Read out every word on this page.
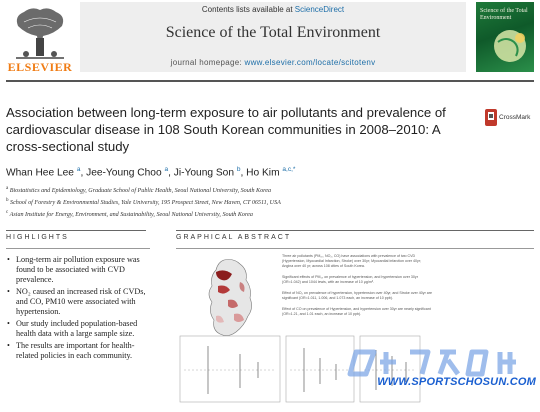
ELSEVIER
Contents lists available at ScienceDirect
Science of the Total Environment
journal homepage: www.elsevier.com/locate/scitotenv
Science of the Total Environment
Association between long-term exposure to air pollutants and prevalence of cardiovascular disease in 108 South Korean communities in 2008–2010: A cross-sectional study
CrossMark
Whan Hee Lee $^a$, Jee-Young Choo $^a$, Ji-Young Son $^b$, Ho Kim $^{a,c,*}$
$^a$ Biostatistics and Epidemiology, Graduate School of Public Health, Seoul National University, South Korea
$^b$ School of Forestry & Environmental Studies, Yale University, 195 Prospect Street, New Haven, CT 06511, USA
$^c$ Asian Institute for Energy, Environment, and Sustainability, Seoul National University, South Korea
HIGHLIGHTS
• Long-term air pollution exposure was found to be associated with CVD prevalence.
• NO₂ caused an increased risk of CVDs, and CO, PM10 were associated with hypertension.
• Our study included population-based health data with a large sample size.
• The results are important for health-related policies in each community.
GRAPHICAL ABSTRACT
Three air pollutants (PM₁₀, NO₂, CO) have associations with prevalence of two CVD (Hypertension, Myocardial Infarction, Stroke) over 30yr; Myocardial infarction over 40yr; Angina over 40 yr; across 108 cities of South Korea.
Significant effects of PM₁₀ on prevalence of hypertension, and hypertension over 30yr (OR=1.042) and 1044 lewis, with an increase of 10 μg/m³.
Effect of NO₂ on prevalence of hypertension, hypertension over 40yr, and Stroke over 40yr are significant (OR=1.011, 1.006, and 1.073 each, an increase of 10 ppb).
Effect of CO on prevalence of Hypertension, and hypertension over 30yr are nearly significant (OR=1.21, and 1.01 each, an increase of 10 ppb).
WWW.SPORTSCHOSUN.COM
